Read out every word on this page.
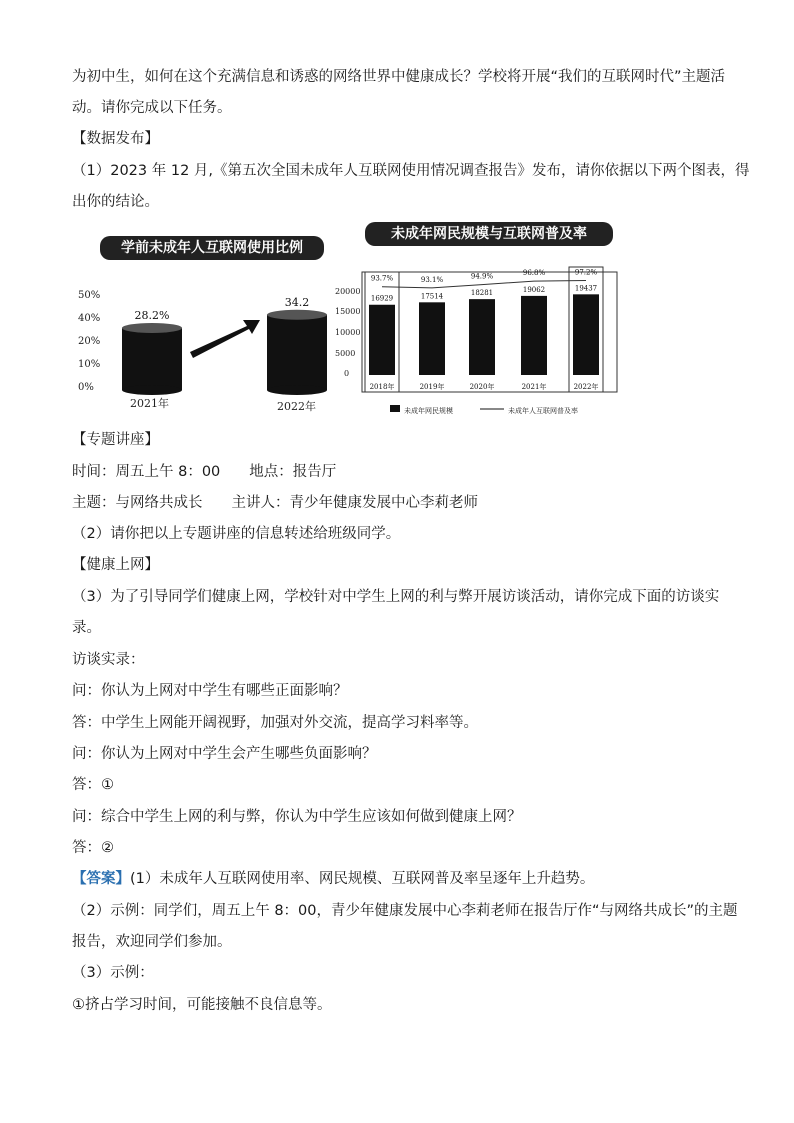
为初中生，如何在这个充满信息和诱惑的网络世界中健康成长？学校将开展“我们的互联网时代”主题活
动。请你完成以下任务。
【数据发布】
（1）2023 年 12 月,《第五次全国未成年人互联网使用情况调查报告》发布，请你依据以下两个图表，得
出你的结论。
学前未成年人互联网使用比例
50%
40%
20%
10%
0%
28.2%
34.2
2021年	2022年
未成年网民规模与互联网普及率
20000
15000
10000
5000
0
16929
93.7%
2018年
17514
93.1%
2019年
18281
94.9%
2020年
19062
96.8%
2021年
19437
97.2%
2022年
未成年网民规模	未成年人互联网普及率
【专题讲座】
时间：周五上午 8：00　　地点：报告厅
主题：与网络共成长　　主讲人：青少年健康发展中心李莉老师
（2）请你把以上专题讲座的信息转述给班级同学。
【健康上网】
（3）为了引导同学们健康上网，学校针对中学生上网的利与弊开展访谈活动，请你完成下面的访谈实
录。
访谈实录：
问：你认为上网对中学生有哪些正面影响？
答：中学生上网能开阔视野，加强对外交流，提高学习料率等。
问：你认为上网对中学生会产生哪些负面影响？
答：①
问：综合中学生上网的利与弊，你认为中学生应该如何做到健康上网？
答：②
【答案】(1）未成年人互联网使用率、网民规模、互联网普及率呈逐年上升趋势。
（2）示例：同学们，周五上午 8：00，青少年健康发展中心李莉老师在报告厅作“与网络共成长”的主题
报告，欢迎同学们参加。
（3）示例：
①挤占学习时间，可能接触不良信息等。
